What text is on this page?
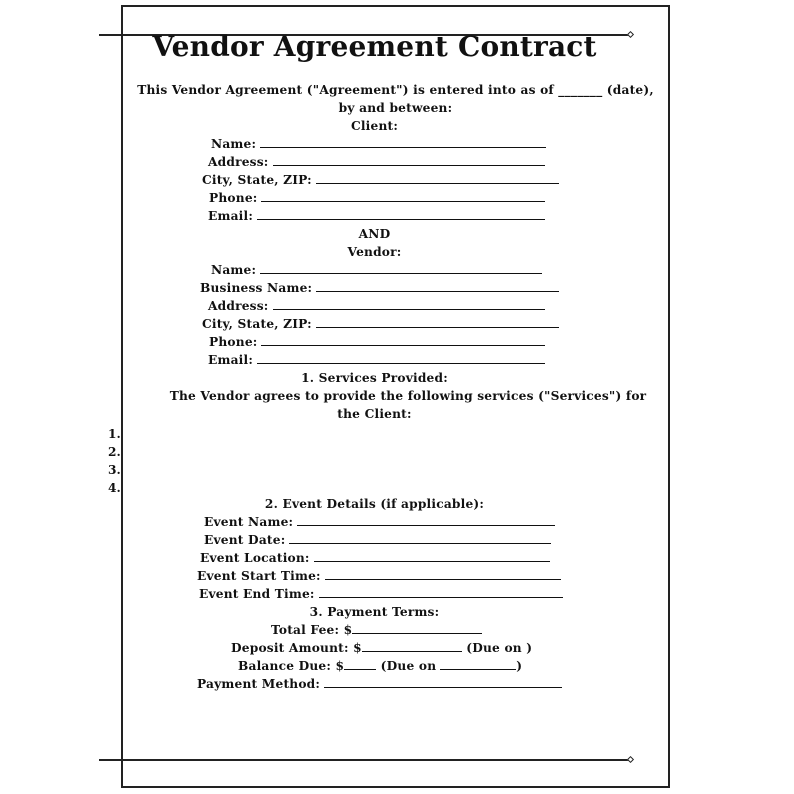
Vendor Agreement Contract
This Vendor Agreement ("Agreement") is entered into as of _______ (date),
by and between:
Client:
Name:
Address:
City, State, ZIP:
Phone:
Email:
AND
Vendor:
Name:
Business Name:
Address:
City, State, ZIP:
Phone:
Email:
1. Services Provided:
The Vendor agrees to provide the following services ("Services") for
the Client:
1.
2.
3.
4.
2. Event Details (if applicable):
Event Name:
Event Date:
Event Location:
Event Start Time:
Event End Time:
3. Payment Terms:
Total Fee: $
Deposit Amount: $	(Due on )
Balance Due: $	(Due on	)
Payment Method:
